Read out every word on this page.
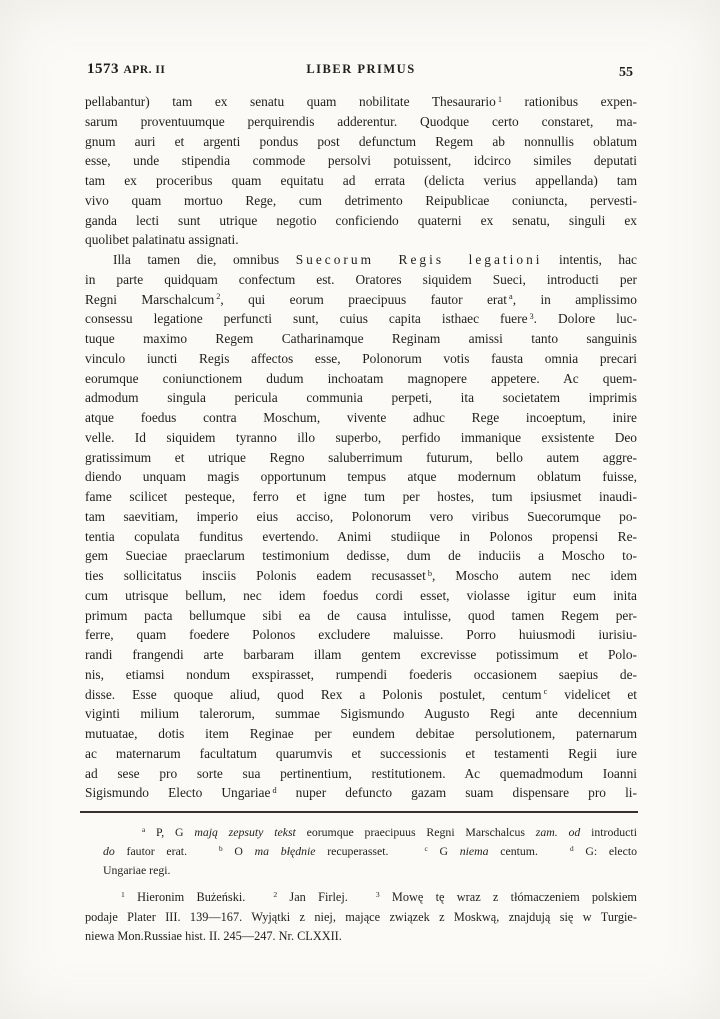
1573 APR. II	LIBER PRIMUS	55
pellabantur) tam ex senatu quam nobilitate Thesaurario $^1$ rationibus expen-
sarum proventuumque perquirendis adderentur. Quodque certo constaret, ma-
gnum auri et argenti pondus post defunctum Regem ab nonnullis oblatum
esse, unde stipendia commode persolvi potuissent, idcirco similes deputati
tam ex proceribus quam equitatu ad errata (delicta verius appellanda) tam
vivo quam mortuo Rege, cum detrimento Reipublicae coniuncta, pervesti-
ganda lecti sunt utrique negotio conficiendo quaterni ex senatu, singuli ex
quolibet palatinatu assignati.
Illa tamen die, omnibus Suecorum Regis legationi intentis, hac
in parte quidquam confectum est. Oratores siquidem Sueci, introducti per
Regni Marschalcum $^2$, qui eorum praecipuus fautor erat $^a$, in amplissimo
consessu legatione perfuncti sunt, cuius capita isthaec fuere $^3$. Dolore luc-
tuque maximo Regem Catharinamque Reginam amissi tanto sanguinis
vinculo iuncti Regis affectos esse, Polonorum votis fausta omnia precari
eorumque coniunctionem dudum inchoatam magnopere appetere. Ac quem-
admodum singula pericula communia perpeti, ita societatem imprimis
atque foedus contra Moschum, vivente adhuc Rege incoeptum, inire
velle. Id siquidem tyranno illo superbo, perfido immanique exsistente Deo
gratissimum et utrique Regno saluberrimum futurum, bello autem aggre-
diendo unquam magis opportunum tempus atque modernum oblatum fuisse,
fame scilicet pesteque, ferro et igne tum per hostes, tum ipsiusmet inaudi-
tam saevitiam, imperio eius acciso, Polonorum vero viribus Suecorumque po-
tentia copulata funditus evertendo. Animi studiique in Polonos propensi Re-
gem Sueciae praeclarum testimonium dedisse, dum de induciis a Moscho to-
ties sollicitatus insciis Polonis eadem recusasset $^b$, Moscho autem nec idem
cum utrisque bellum, nec idem foedus cordi esset, violasse igitur eum inita
primum pacta bellumque sibi ea de causa intulisse, quod tamen Regem per-
ferre, quam foedere Polonos excludere maluisse. Porro huiusmodi iurisiu-
randi frangendi arte barbaram illam gentem excrevisse potissimum et Polo-
nis, etiamsi nondum exspirasset, rumpendi foederis occasionem saepius de-
disse. Esse quoque aliud, quod Rex a Polonis postulet, centum $^c$ videlicet et
viginti milium talerorum, summae Sigismundo Augusto Regi ante decennium
mutuatae, dotis item Reginae per eundem debitae persolutionem, paternarum
ac maternarum facultatum quarumvis et successionis et testamenti Regii iure
ad sese pro sorte sua pertinentium, restitutionem. Ac quemadmodum Ioanni
Sigismundo Electo Ungariae $^d$ nuper defuncto gazam suam dispensare pro li-
$^a$ P, G mają zepsuty tekst eorumque praecipuus Regni Marschalcus zam. od introducti
do fautor erat.	$^b$ O ma błędnie recuperasset.	$^c$ G niema centum.	$^d$ G: electo
Ungariae regi.
$^1$ Hieronim Bużeński.	$^2$ Jan Firlej.	$^3$ Mowę tę wraz z tłómaczeniem polskiem
podaje Plater III. 139—167. Wyjątki z niej, mające związek z Moskwą, znajdują się w Turgie-
niewa Mon.Russiae hist. II. 245—247. Nr. CLXXII.
